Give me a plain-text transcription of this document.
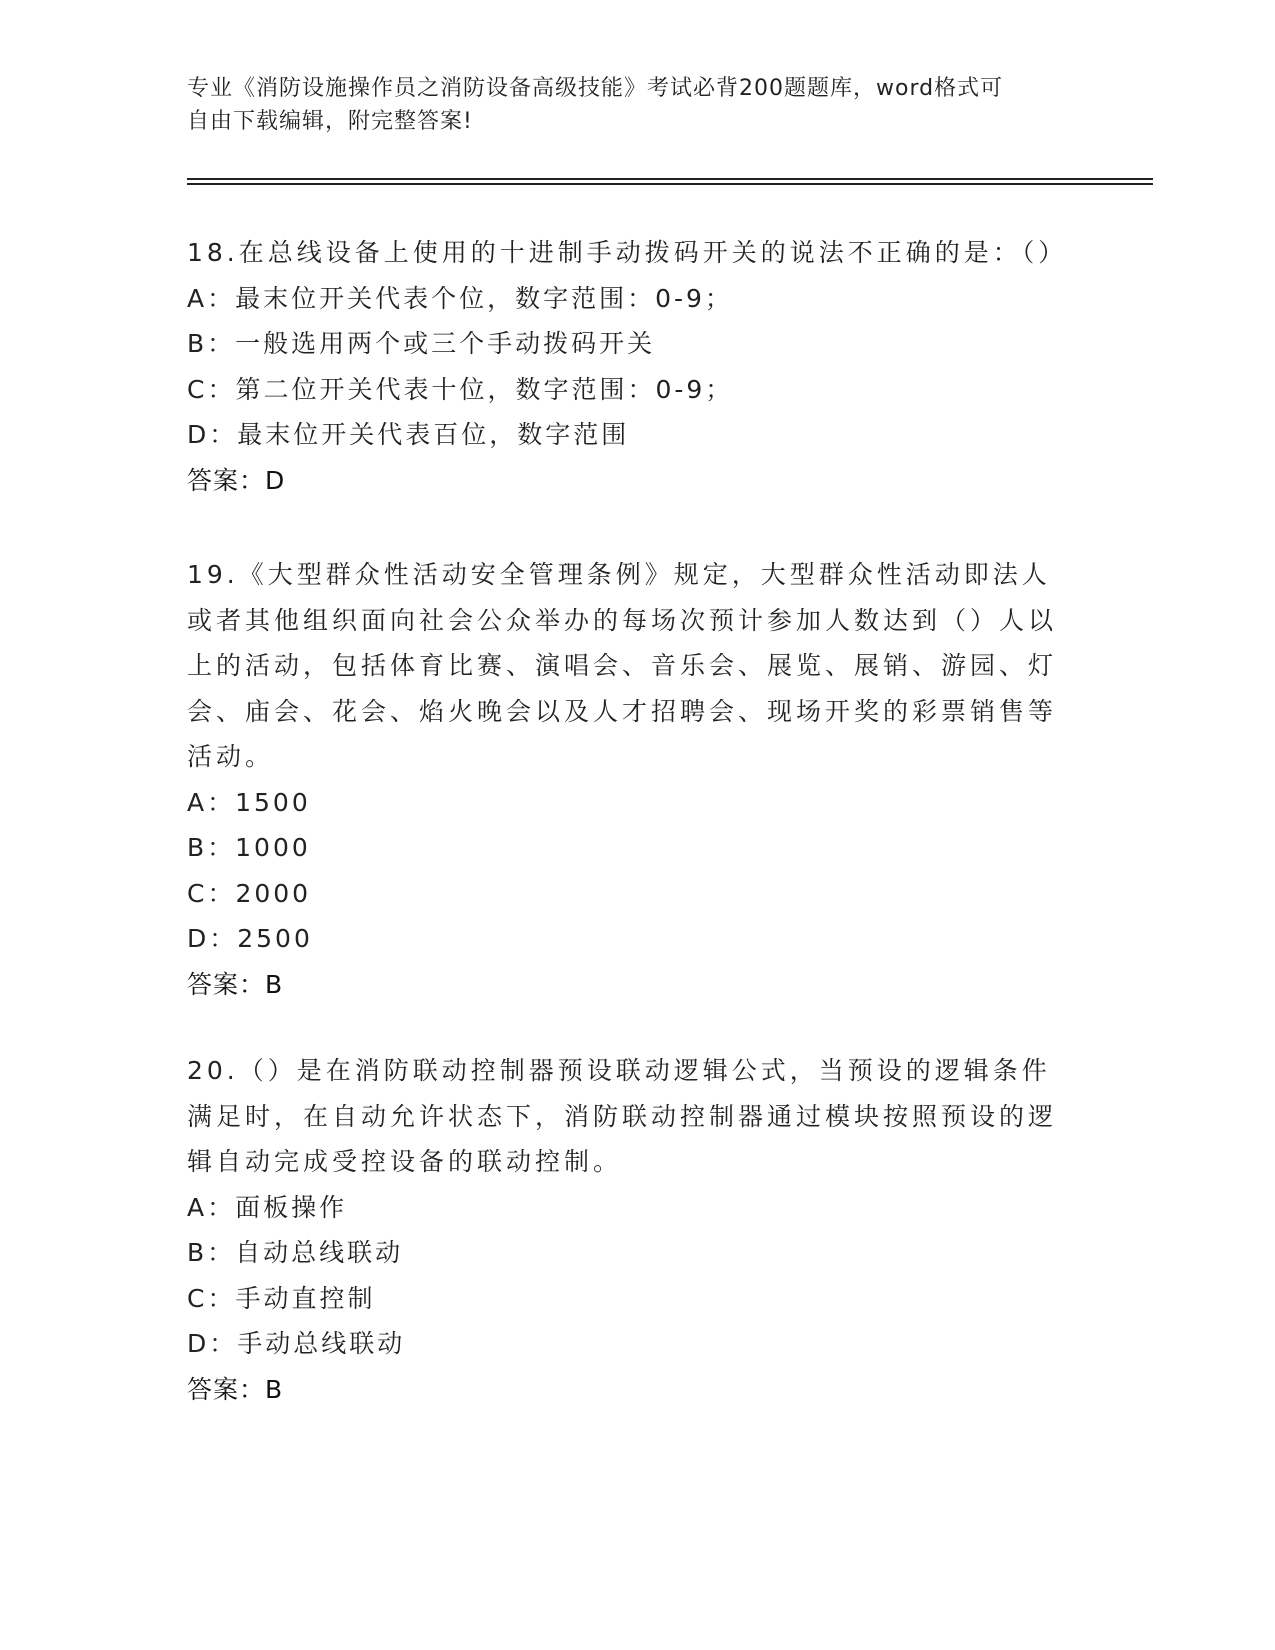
专业《消防设施操作员之消防设备高级技能》考试必背200题题库，word格式可
自由下载编辑，附完整答案!
18.在总线设备上使用的十进制手动拨码开关的说法不正确的是：（）
A：最末位开关代表个位，数字范围：0-9；
B：一般选用两个或三个手动拨码开关
C：第二位开关代表十位，数字范围：0-9；
D：最末位开关代表百位，数字范围
答案：D
19.《大型群众性活动安全管理条例》规定，大型群众性活动即法人或者其他组织面向社会公众举办的每场次预计参加人数达到（）人以上的活动，包括体育比赛、演唱会、音乐会、展览、展销、游园、灯会、庙会、花会、焰火晚会以及人才招聘会、现场开奖的彩票销售等活动。
A：1500
B：1000
C：2000
D：2500
答案：B
20.（）是在消防联动控制器预设联动逻辑公式，当预设的逻辑条件满足时，在自动允许状态下，消防联动控制器通过模块按照预设的逻辑自动完成受控设备的联动控制。
A：面板操作
B：自动总线联动
C：手动直控制
D：手动总线联动
答案：B
